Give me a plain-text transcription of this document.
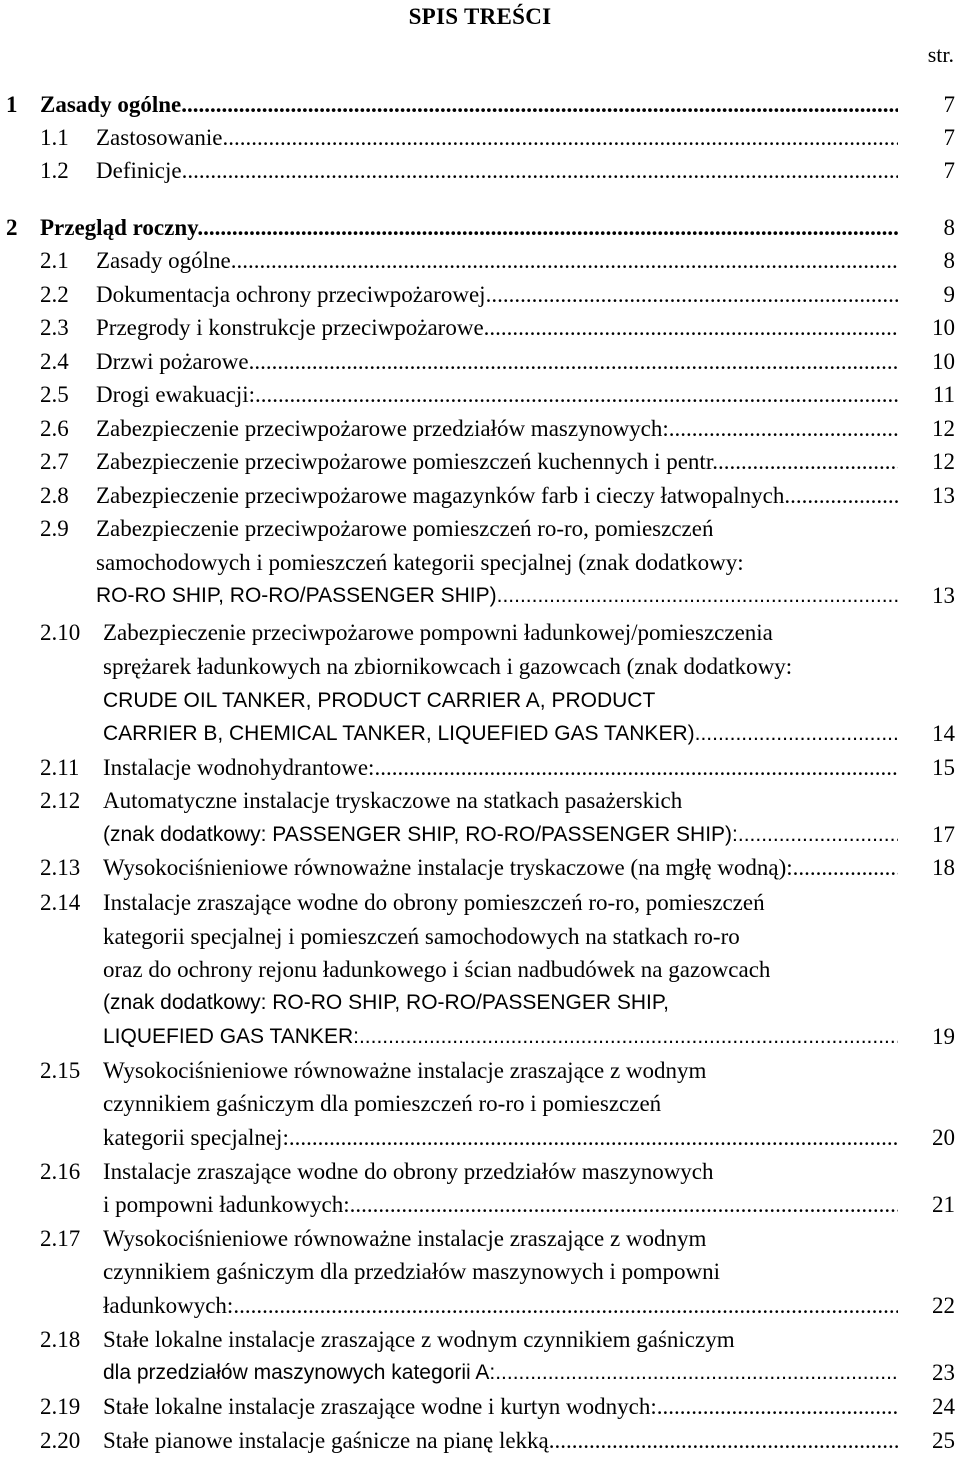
SPIS TREŚCI
str.
1 Zasady ogólne .....	7
1.1	Zastosowanie .....	7
1.2	Definicje .....	7
2 Przegląd roczny .....	8
2.1	Zasady ogólne .....	8
2.2	Dokumentacja ochrony przeciwpożarowej .....	9
2.3	Przegrody i konstrukcje przeciwpożarowe .....	10
2.4	Drzwi pożarowe .....	10
2.5	Drogi ewakuacji: .....	11
2.6	Zabezpieczenie przeciwpożarowe przedziałów maszynowych: .....	12
2.7	Zabezpieczenie przeciwpożarowe pomieszczeń kuchennych i pentr .....	12
2.8	Zabezpieczenie przeciwpożarowe magazynków farb i cieczy łatwopalnych .....	13
2.9	Zabezpieczenie przeciwpożarowe pomieszczeń ro-ro, pomieszczeń
samochodowych i pomieszczeń kategorii specjalnej (znak dodatkowy:
RO-RO SHIP, RO-RO/PASSENGER SHIP) .....	13
2.10 Zabezpieczenie przeciwpożarowe pompowni ładunkowej/pomieszczenia
sprężarek ładunkowych na zbiornikowcach i gazowcach (znak dodatkowy:
CRUDE OIL TANKER, PRODUCT CARRIER A, PRODUCT
CARRIER B, CHEMICAL TANKER, LIQUEFIED GAS TANKER) .....	14
2.11	Instalacje wodnohydrantowe: .....	15
2.12 Automatyczne instalacje tryskaczowe na statkach pasażerskich
(znak dodatkowy: PASSENGER SHIP, RO-RO/PASSENGER SHIP): .....	17
2.13 Wysokociśnieniowe równoważne instalacje tryskaczowe (na mgłę wodną): .....	18
2.14 Instalacje zraszające wodne do obrony pomieszczeń ro-ro, pomieszczeń
kategorii specjalnej i pomieszczeń samochodowych na statkach ro-ro
oraz do ochrony rejonu ładunkowego i ścian nadbudówek na gazowcach
(znak dodatkowy: RO-RO SHIP, RO-RO/PASSENGER SHIP,
LIQUEFIED GAS TANKER: .....	19
2.15 Wysokociśnieniowe równoważne instalacje zraszające z wodnym
czynnikiem gaśniczym dla pomieszczeń ro-ro i pomieszczeń
kategorii specjalnej: .....	20
2.16 Instalacje zraszające wodne do obrony przedziałów maszynowych
i pompowni ładunkowych: .....	21
2.17 Wysokociśnieniowe równoważne instalacje zraszające z wodnym
czynnikiem gaśniczym dla przedziałów maszynowych i pompowni
ładunkowych: .....	22
2.18 Stałe lokalne instalacje zraszające z wodnym czynnikiem gaśniczym
dla przedziałów maszynowych kategorii A: .....	23
2.19 Stałe lokalne instalacje zraszające wodne i kurtyn wodnych: .....	24
2.20 Stałe pianowe instalacje gaśnicze na pianę lekką .....	25
